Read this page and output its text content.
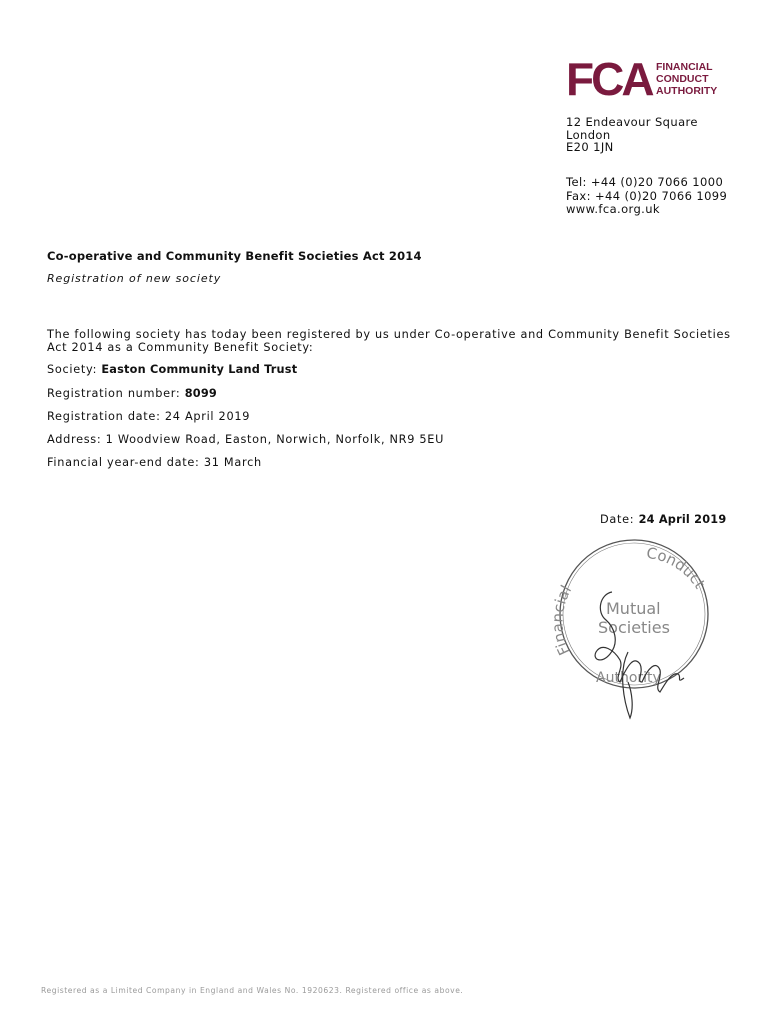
FCA FINANCIAL
CONDUCT
AUTHORITY
12 Endeavour Square
London
E20 1JN
Tel: +44 (0)20 7066 1000
Fax: +44 (0)20 7066 1099
www.fca.org.uk
Co-operative and Community Benefit Societies Act 2014
Registration of new society
The following society has today been registered by us under Co-operative and Community Benefit Societies Act 2014 as a Community Benefit Society:
Society: Easton Community Land Trust
Registration number: 8099
Registration date: 24 April 2019
Address: 1 Woodview Road, Easton, Norwich, Norfolk, NR9 5EU
Financial year-end date: 31 March
Date: 24 April 2019
Financial
Conduct
Mutual
Societies
Authority
Registered as a Limited Company in England and Wales No. 1920623. Registered office as above.
